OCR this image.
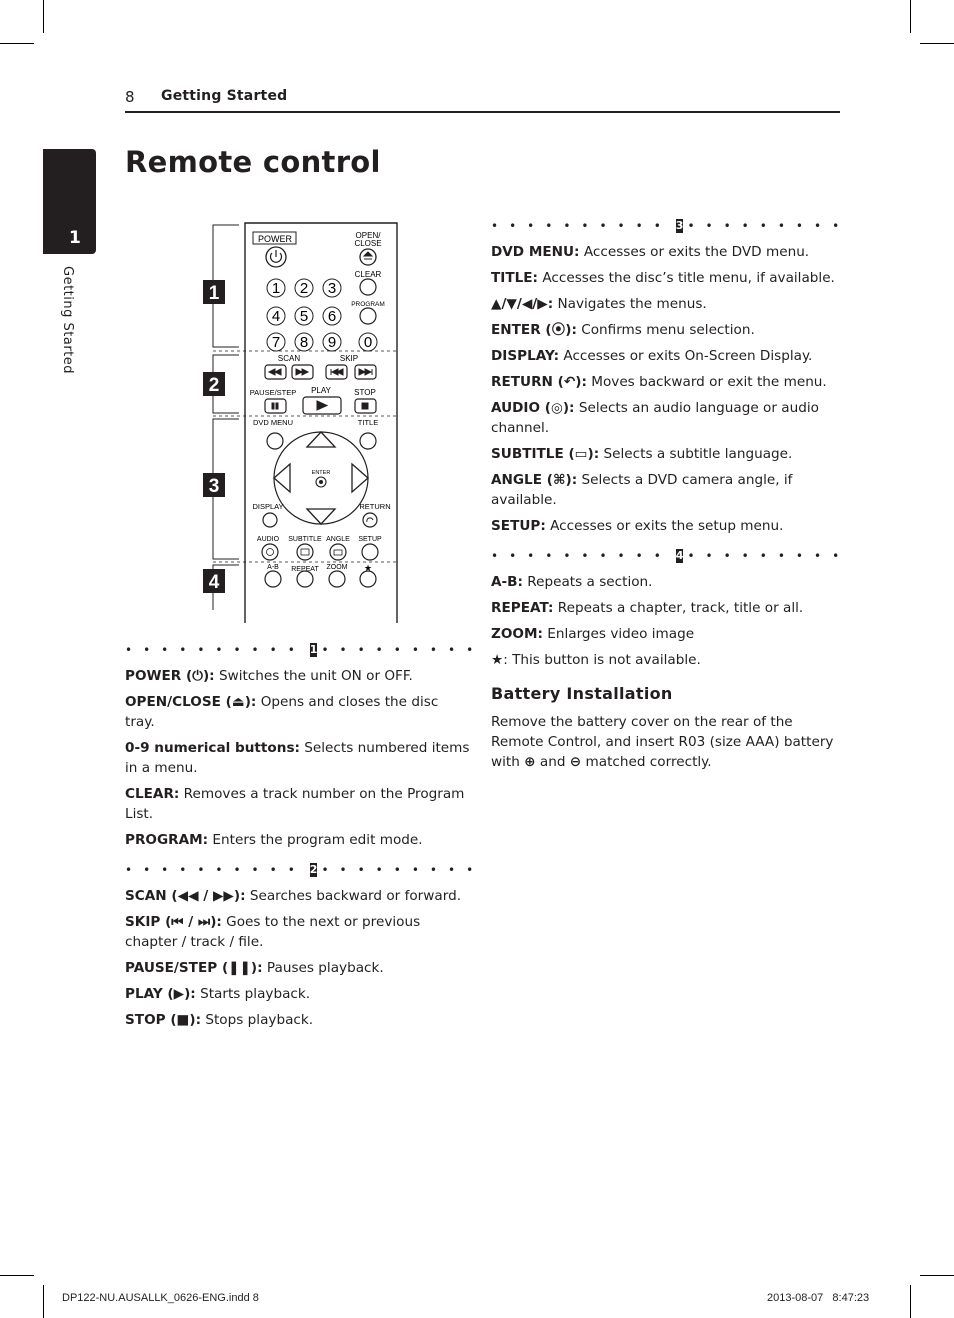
8 Getting Started
1
Getting Started
Remote control
1
2
3
4
POWER	OPEN/
CLOSE
1 2 3
4 5 6
7 8 9 0
CLEAR
PROGRAM
SCAN	SKIP
PAUSE/STEP PLAY	STOP
DVD MENU	TITLE
ENTER
DISPLAY	RETURN
AUDIO SUBTITLE ANGLE SETUP
A-B REPEAT ZOOM ★
•••••••••• 1 •••••••••

POWER (⏻): Switches the unit ON or OFF.

OPEN/CLOSE (⏏): Opens and closes the disc tray.

0-9 numerical buttons: Selects numbered items in a menu.

CLEAR: Removes a track number on the Program List.

PROGRAM: Enters the program edit mode.

•••••••••• 2 •••••••••

SCAN (◀◀ / ▶▶): Searches backward or forward.

SKIP (⏮ / ⏭): Goes to the next or previous chapter / track / file.

PAUSE/STEP (❚❚): Pauses playback.

PLAY (▶): Starts playback.

STOP (■): Stops playback.

•••••••••• 3 •••••••••

DVD MENU: Accesses or exits the DVD menu.

TITLE: Accesses the disc’s title menu, if available.

▲/▼/◀/▶: Navigates the menus.

ENTER (⦿): Confirms menu selection.

DISPLAY: Accesses or exits On-Screen Display.

RETURN (↶): Moves backward or exit the menu.

AUDIO (◎): Selects an audio language or audio channel.

SUBTITLE (▭): Selects a subtitle language.

ANGLE (⌘): Selects a DVD camera angle, if available.

SETUP: Accesses or exits the setup menu.

•••••••••• 4 •••••••••

A-B: Repeats a section.

REPEAT: Repeats a chapter, track, title or all.

ZOOM: Enlarges video image

★: This button is not available.

Battery Installation

Remove the battery cover on the rear of the Remote Control, and insert R03 (size AAA) battery with ⊕ and ⊖ matched correctly.

DP122-NU.AUSALLK_0626-ENG.indd 8	2013-08-07   8:47:23
